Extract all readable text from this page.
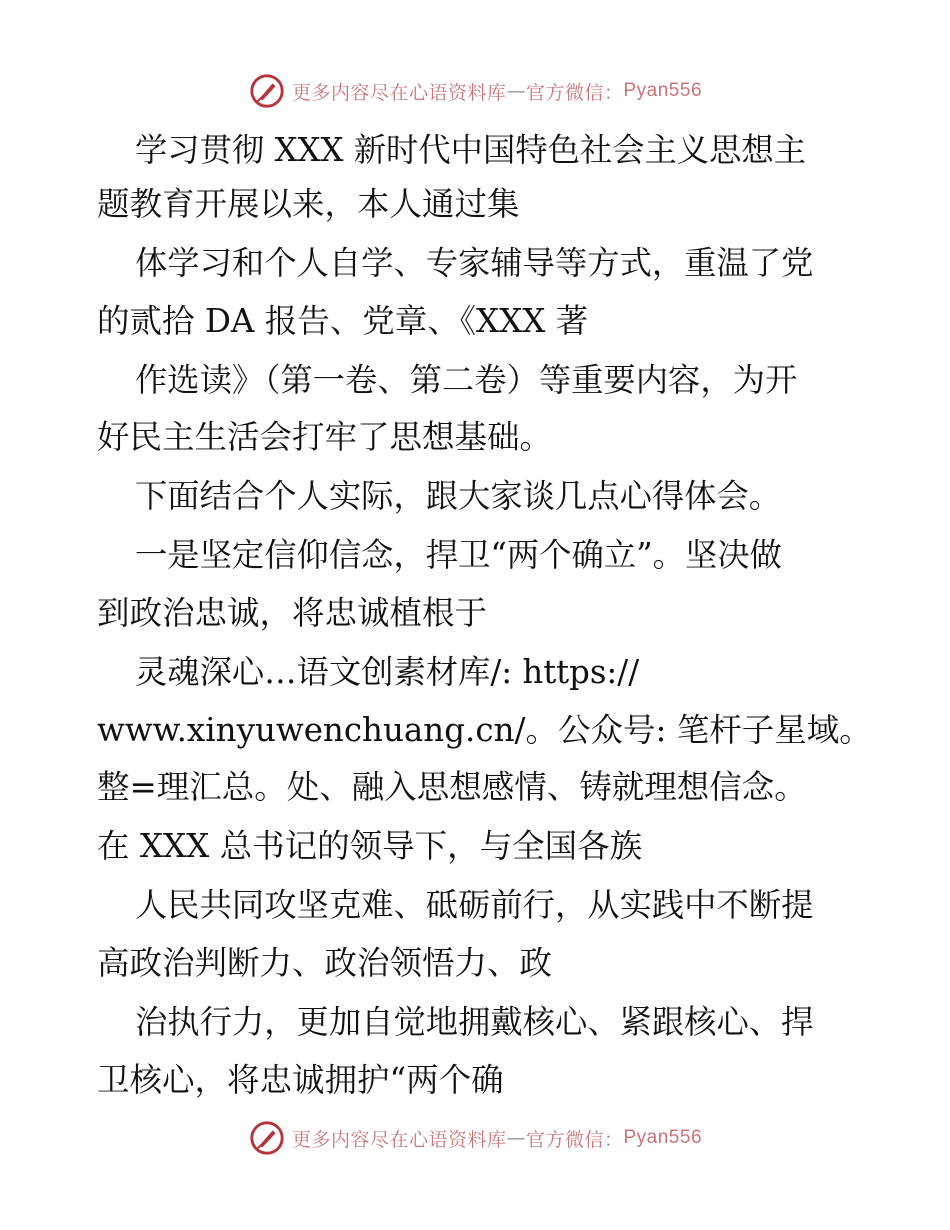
更多内容尽在心语资料库 — 官方微信： Pyan556
学习贯彻 XXX 新时代中国特色社会主义思想主
题教育开展以来，本人通过集
体学习和个人自学、专家辅导等方式，重温了党
的贰拾 DA 报告、党章、《XXX 著
作选读》（第一卷、第二卷）等重要内容，为开
好民主生活会打牢了思想基础。
下面结合个人实际，跟大家谈几点心得体会。
一是坚定信仰信念，捍卫“两个确立”。坚决做
到政治忠诚，将忠诚植根于
灵魂深心…语文创素材库/: https://
www.xinyuwenchuang.cn/。公众号: 笔杆子星域。
整=理汇总。处、融入思想感情、铸就理想信念。
在 XXX 总书记的领导下，与全国各族
人民共同攻坚克难、砥砺前行，从实践中不断提
高政治判断力、政治领悟力、政
治执行力，更加自觉地拥戴核心、紧跟核心、捍
卫核心，将忠诚拥护“两个确
更多内容尽在心语资料库 — 官方微信： Pyan556
